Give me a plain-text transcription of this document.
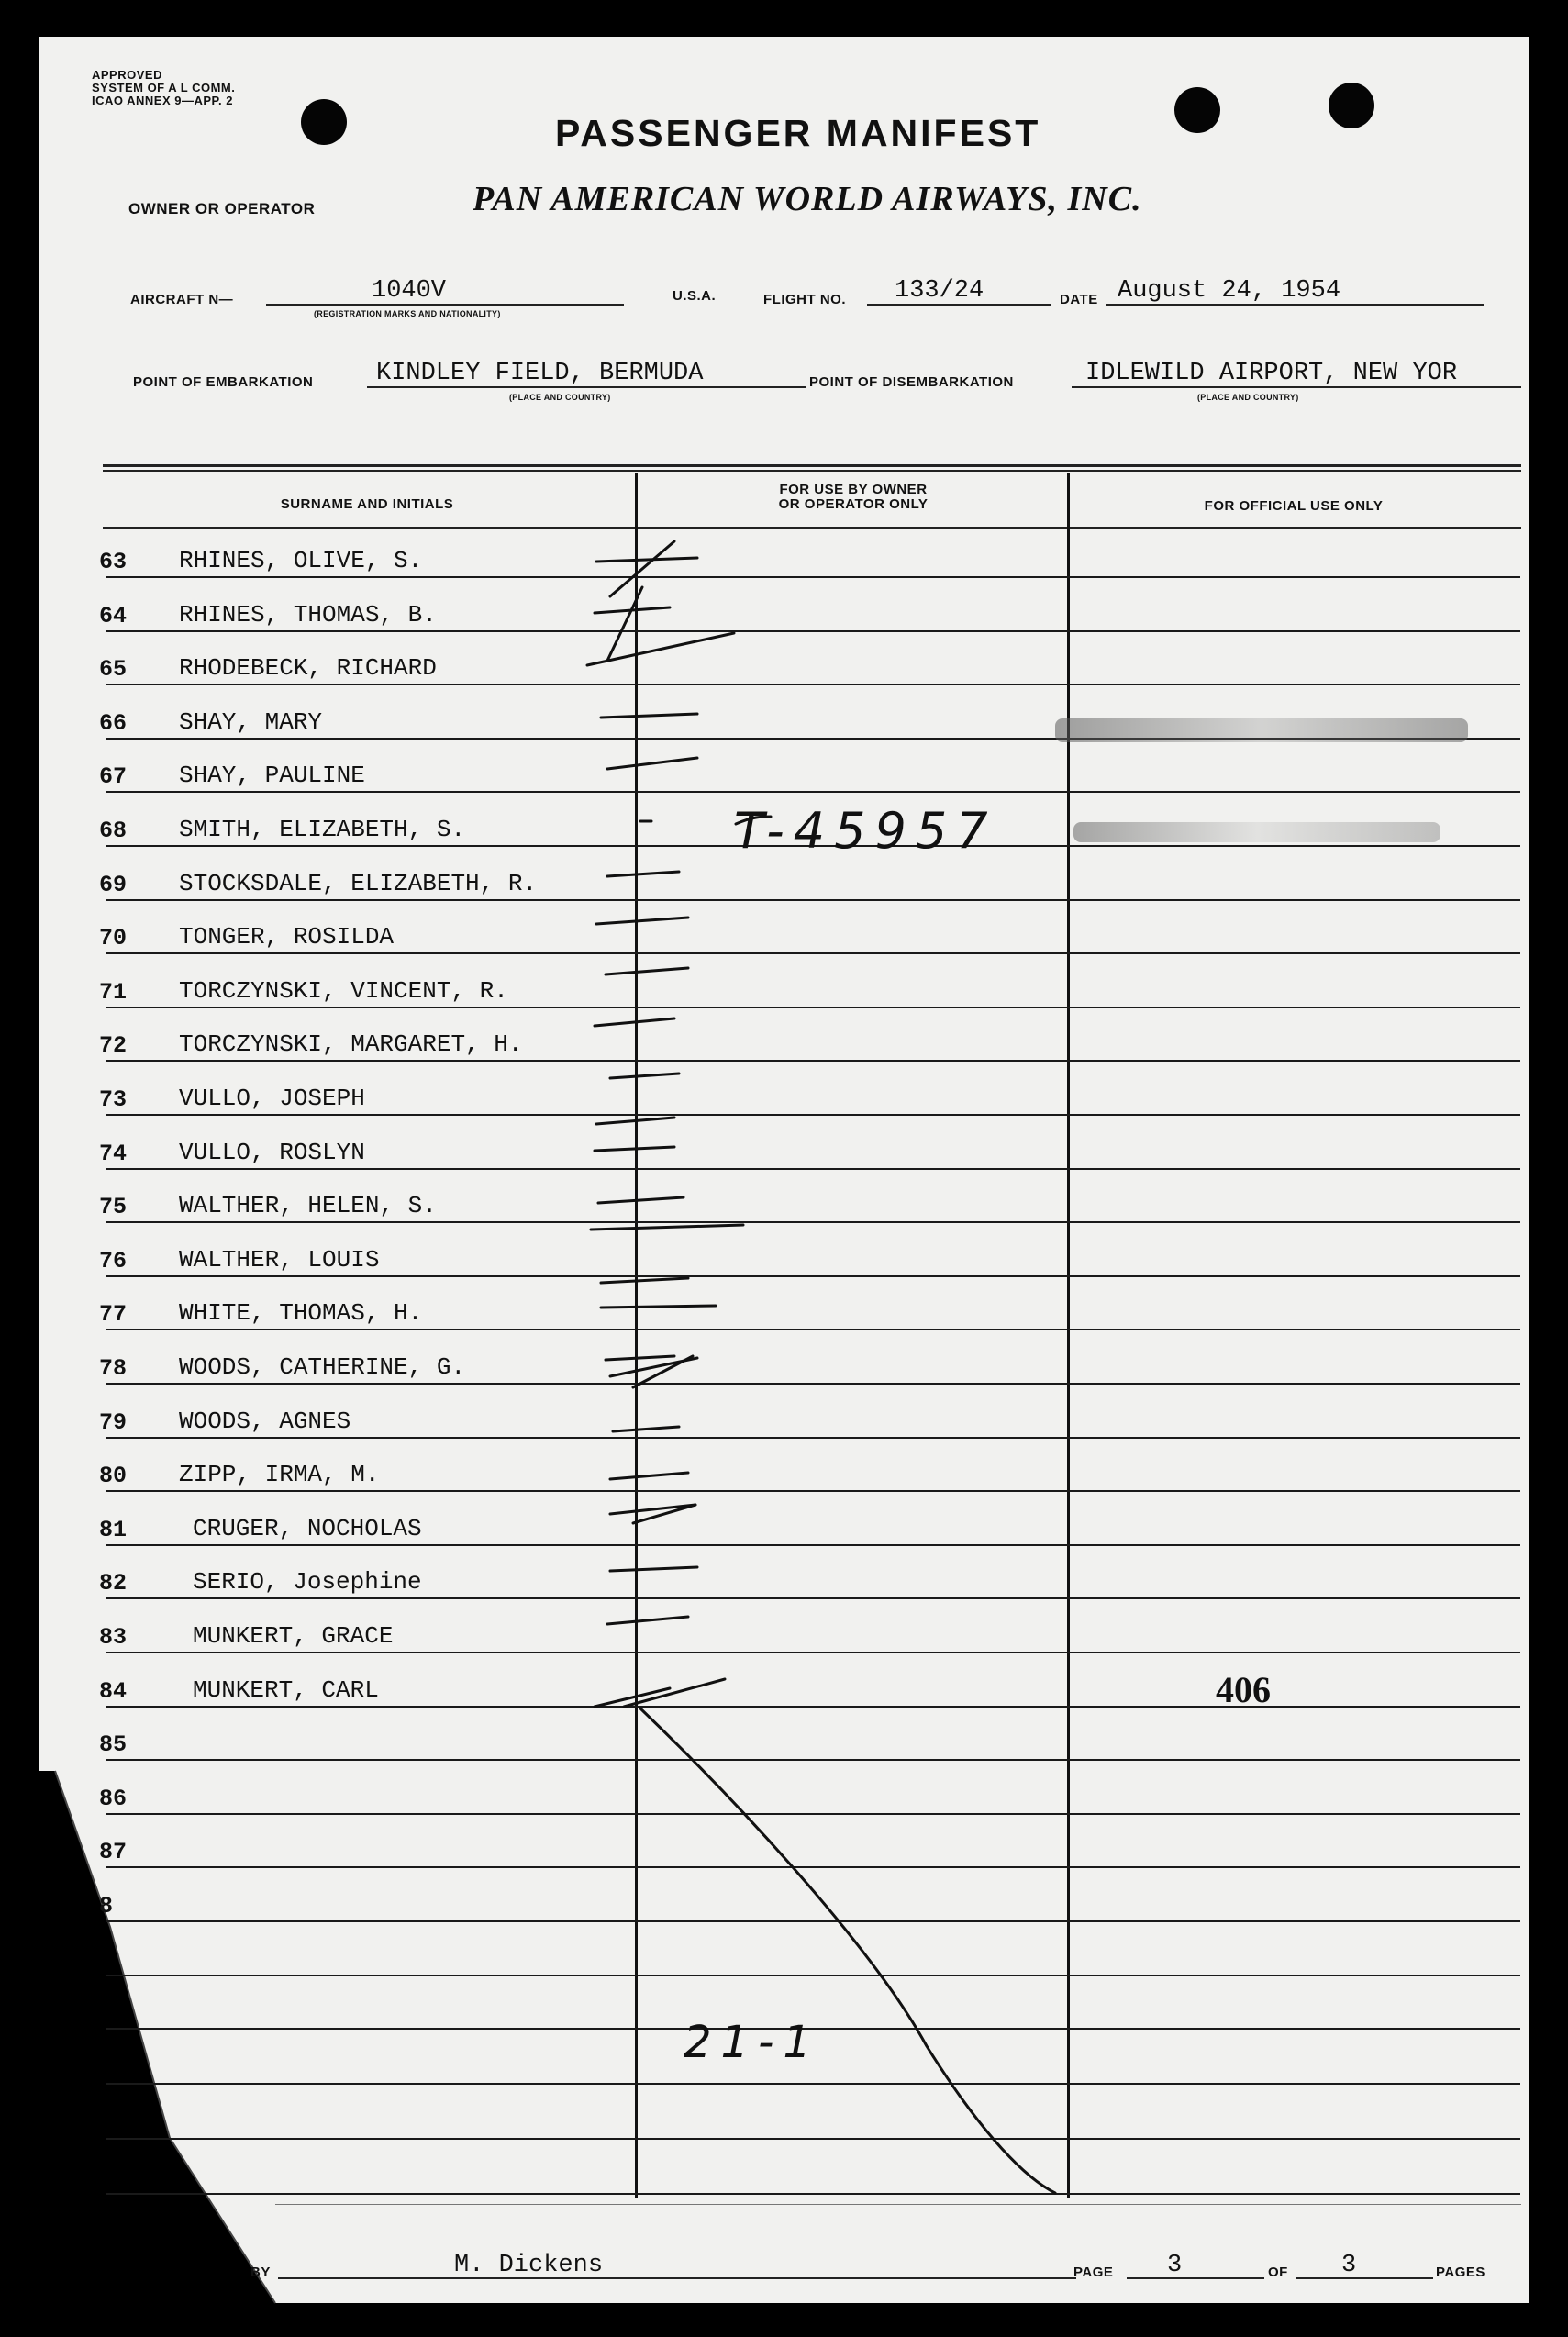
APPROVED
SYSTEM OF A L COMM.
ICAO ANNEX 9—APP. 2
OWNER OR OPERATOR
PASSENGER MANIFEST
PAN AMERICAN WORLD AIRWAYS, INC.
AIRCRAFT N—	1040V
(REGISTRATION MARKS AND NATIONALITY)
U.S.A.	FLIGHT NO. 133/24	DATE August 24, 1954
POINT OF EMBARKATION	KINDLEY FIELD, BERMUDA
(PLACE AND COUNTRY)
POINT OF DISEMBARKATION	IDLEWILD AIRPORT, NEW YOR
(PLACE AND COUNTRY)
SURNAME AND INITIALS
FOR USE BY OWNER
OR OPERATOR ONLY	FOR OFFICIAL USE ONLY
63 RHINES, OLIVE, S.
64 RHINES, THOMAS, B.
65 RHODEBECK, RICHARD
66 SHAY, MARY
67 SHAY, PAULINE
68 SMITH, ELIZABETH, S.
69 STOCKSDALE, ELIZABETH, R.
70 TONGER, ROSILDA
71 TORCZYNSKI, VINCENT, R.
72 TORCZYNSKI, MARGARET, H.
73 VULLO, JOSEPH
74 VULLO, ROSLYN
75 WALTHER, HELEN, S.
76 WALTHER, LOUIS
77 WHITE, THOMAS, H.
78 WOODS, CATHERINE, G.
79 WOODS, AGNES
80 ZIPP, IRMA, M.
81	CRUGER, NOCHOLAS
82	SERIO, Josephine
83	MUNKERT, GRACE
84	MUNKERT, CARL
85
86
87
8
T-45957
406
21-1
BY	M. Dickens	PAGE 3	OF 3	PAGES
